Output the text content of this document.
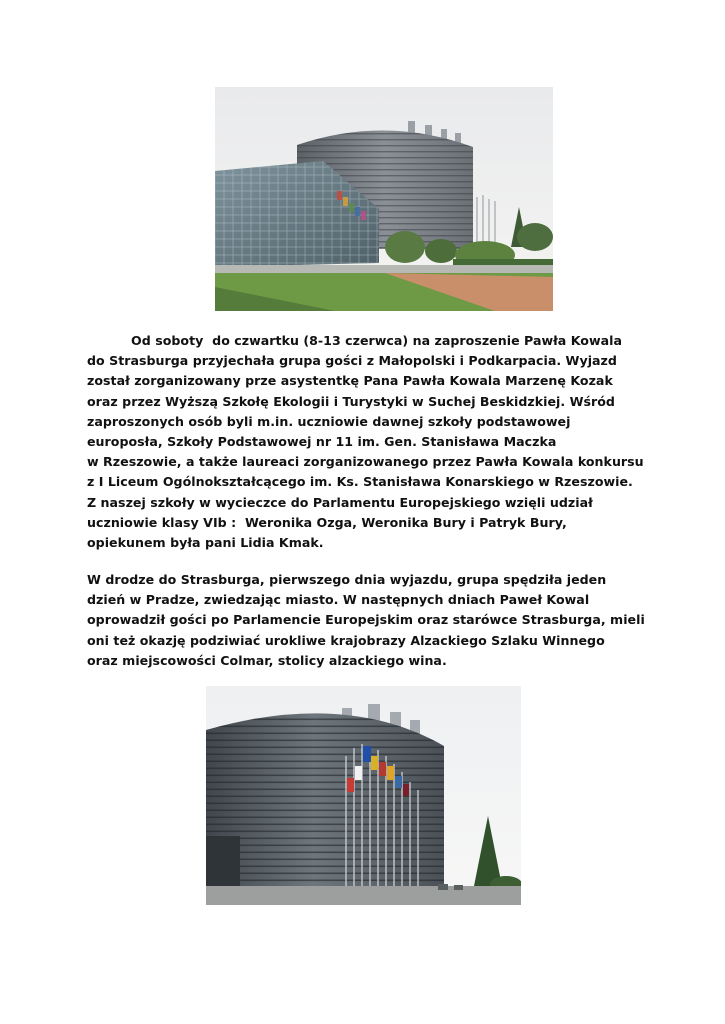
Od soboty  do czwartku (8-13 czerwca) na zaproszenie Pawła Kowala
do Strasburga przyjechała grupa gości z Małopolski i Podkarpacia. Wyjazd
został zorganizowany prze asystentkę Pana Pawła Kowala Marzenę Kozak
oraz przez Wyższą Szkołę Ekologii i Turystyki w Suchej Beskidzkiej. Wśród
zaproszonych osób byli m.in. uczniowie dawnej szkoły podstawowej
europosła, Szkoły Podstawowej nr 11 im. Gen. Stanisława Maczka
w Rzeszowie, a także laureaci zorganizowanego przez Pawła Kowala konkursu
z I Liceum Ogólnokształcącego im. Ks. Stanisława Konarskiego w Rzeszowie.
Z naszej szkoły w wycieczce do Parlamentu Europejskiego wzięli udział
uczniowie klasy VIb :  Weronika Ozga, Weronika Bury i Patryk Bury,
opiekunem była pani Lidia Kmak.

W drodze do Strasburga, pierwszego dnia wyjazdu, grupa spędziła jeden
dzień w Pradze, zwiedzając miasto. W następnych dniach Paweł Kowal
oprowadził gości po Parlamencie Europejskim oraz starówce Strasburga, mieli
oni też okazję podziwiać urokliwe krajobrazy Alzackiego Szlaku Winnego
oraz miejscowości Colmar, stolicy alzackiego wina.
